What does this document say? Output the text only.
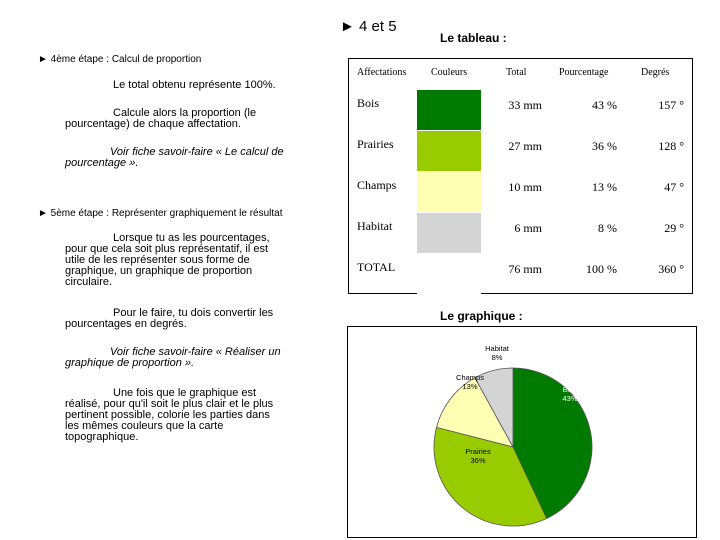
► 4 et 5
Le tableau :
Le graphique :
► 4ème étape : Calcul de proportion
Le total obtenu représente 100%.
Calcule alors la proportion (le
pourcentage) de chaque affectation.
Voir fiche savoir-faire « Le calcul de
pourcentage ».
► 5ème étape : Représenter graphiquement le résultat
Lorsque tu as les pourcentages,
pour que cela soit plus représentatif, il est
utile de les représenter sous forme de
graphique, un graphique de proportion
circulaire.
Pour le faire, tu dois convertir les
pourcentages en degrés.
Voir fiche savoir-faire « Réaliser un
graphique de proportion ».
Une fois que le graphique est
réalisé, pour qu'il soit le plus clair et le plus
pertinent possible, colorie les parties dans
les mêmes couleurs que la carte
topographique.
Affectations Couleurs	Total	Pourcentage	Degrés
Bois	33 mm	43 %	157 °
Prairies	27 mm	36 %	128 °
Champs	10 mm	13 %	47 °
Habitat	6 mm	8 %	29 °
TOTAL	76 mm	100 %	360 °
Bois 43%
Prairies 36%
Champs 13%
Habitat 8%
